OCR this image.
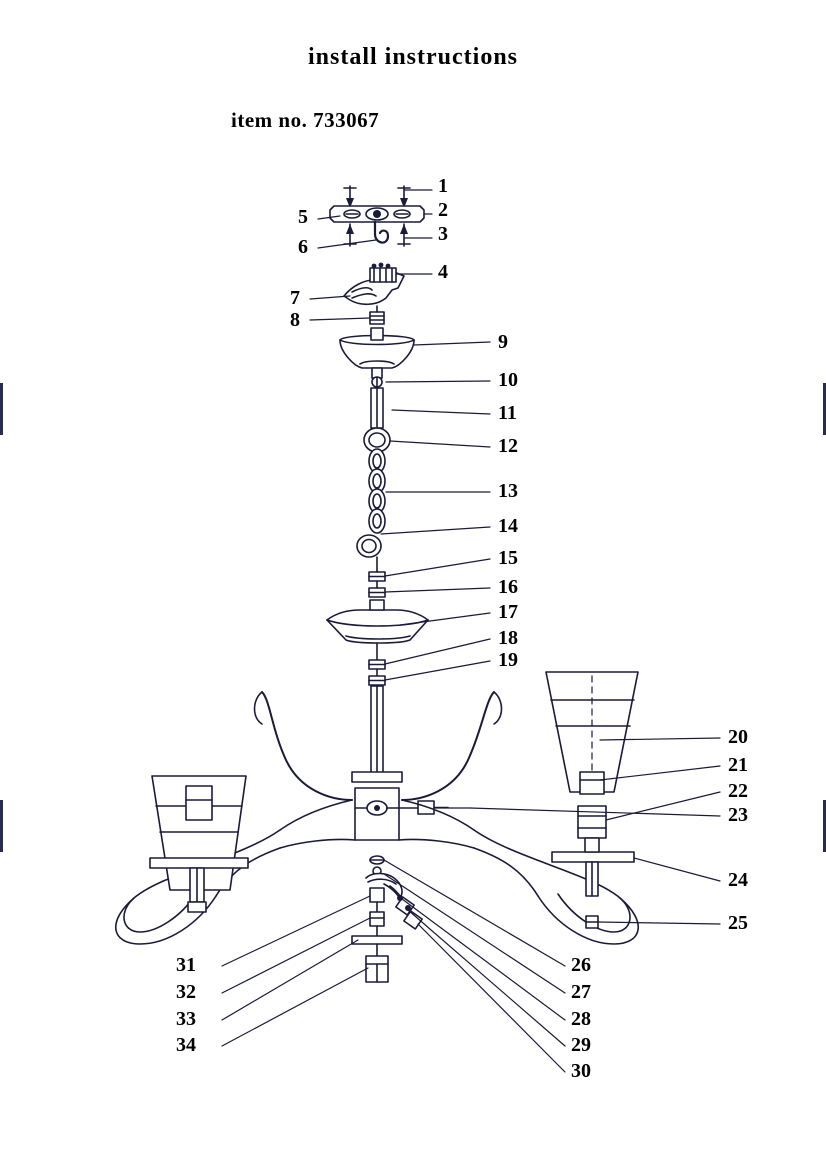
install instructions
item no. 733067
1
2
3
4
5
6
7
8
9
10
11
12
13
14
15
16
17
18
19
20
21
22
23
24
25
26
27
28
29
30
31
32
33
34
